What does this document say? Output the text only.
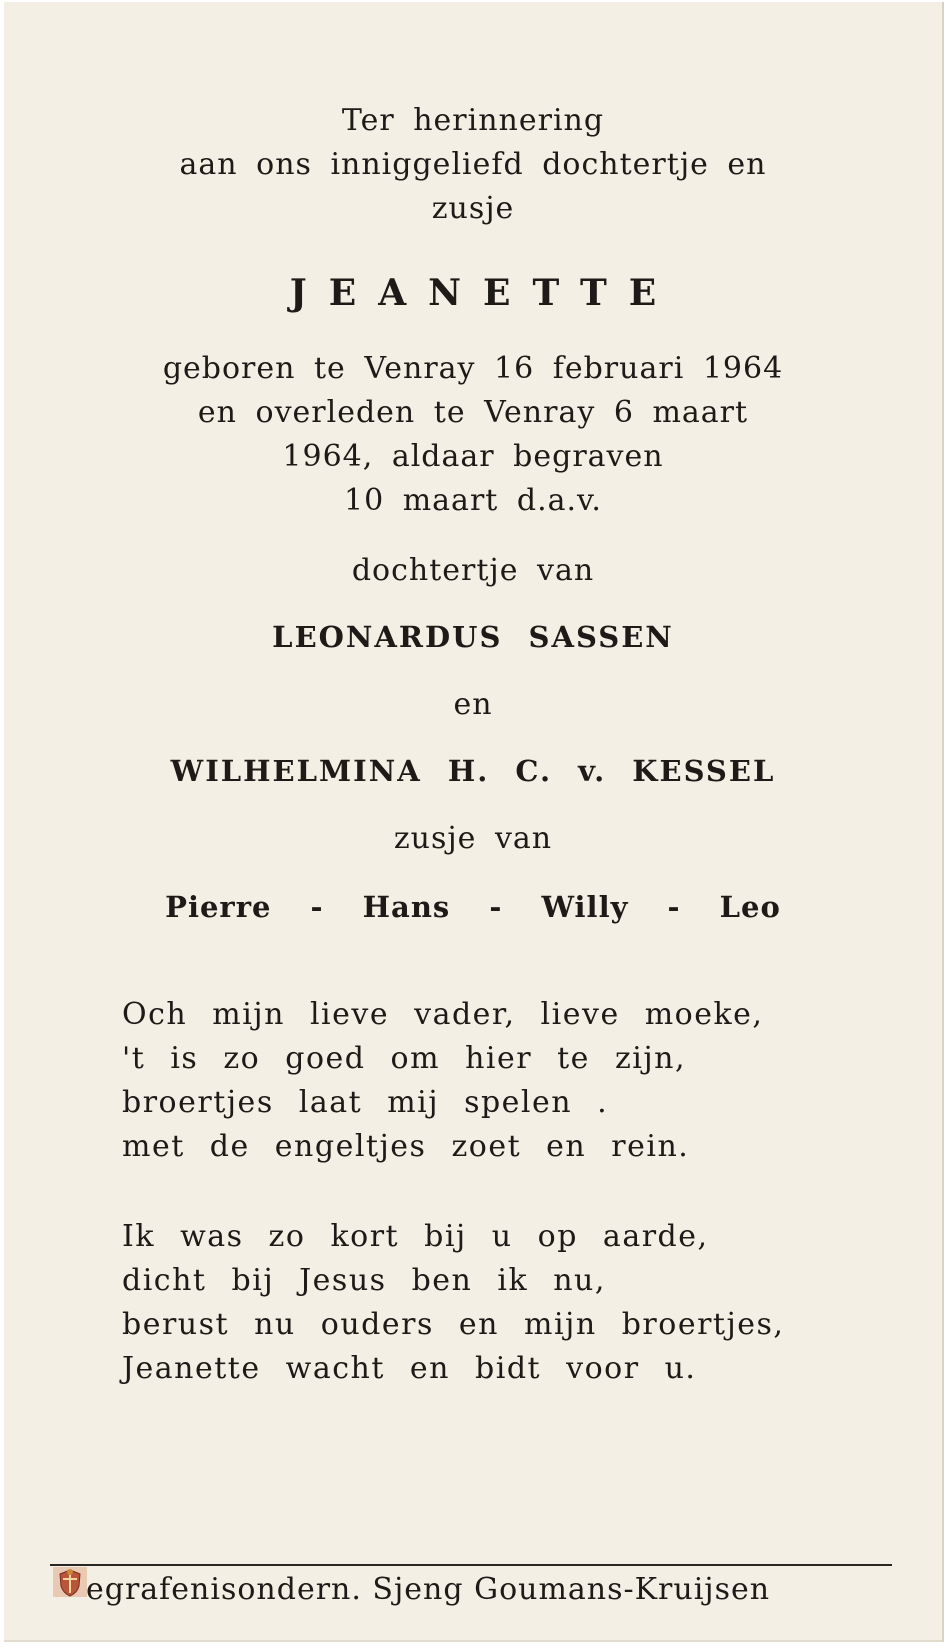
Ter herinnering
aan ons inniggeliefd dochtertje en
zusje
JEANETTE
geboren te Venray 16 februari 1964
en overleden te Venray 6 maart
1964, aldaar begraven
10 maart d.a.v.
dochtertje van
LEONARDUS SASSEN
en
WILHELMINA H. C. v. KESSEL
zusje van
Pierre - Hans - Willy - Leo
Och mijn lieve vader, lieve moeke,
't is zo goed om hier te zijn,
broertjes laat mij spelen .
met de engeltjes zoet en rein.
Ik was zo kort bij u op aarde,
dicht bij Jesus ben ik nu,
berust nu ouders en mijn broertjes,
Jeanette wacht en bidt voor u.
egrafenisondern. Sjeng Goumans-Kruijsen
